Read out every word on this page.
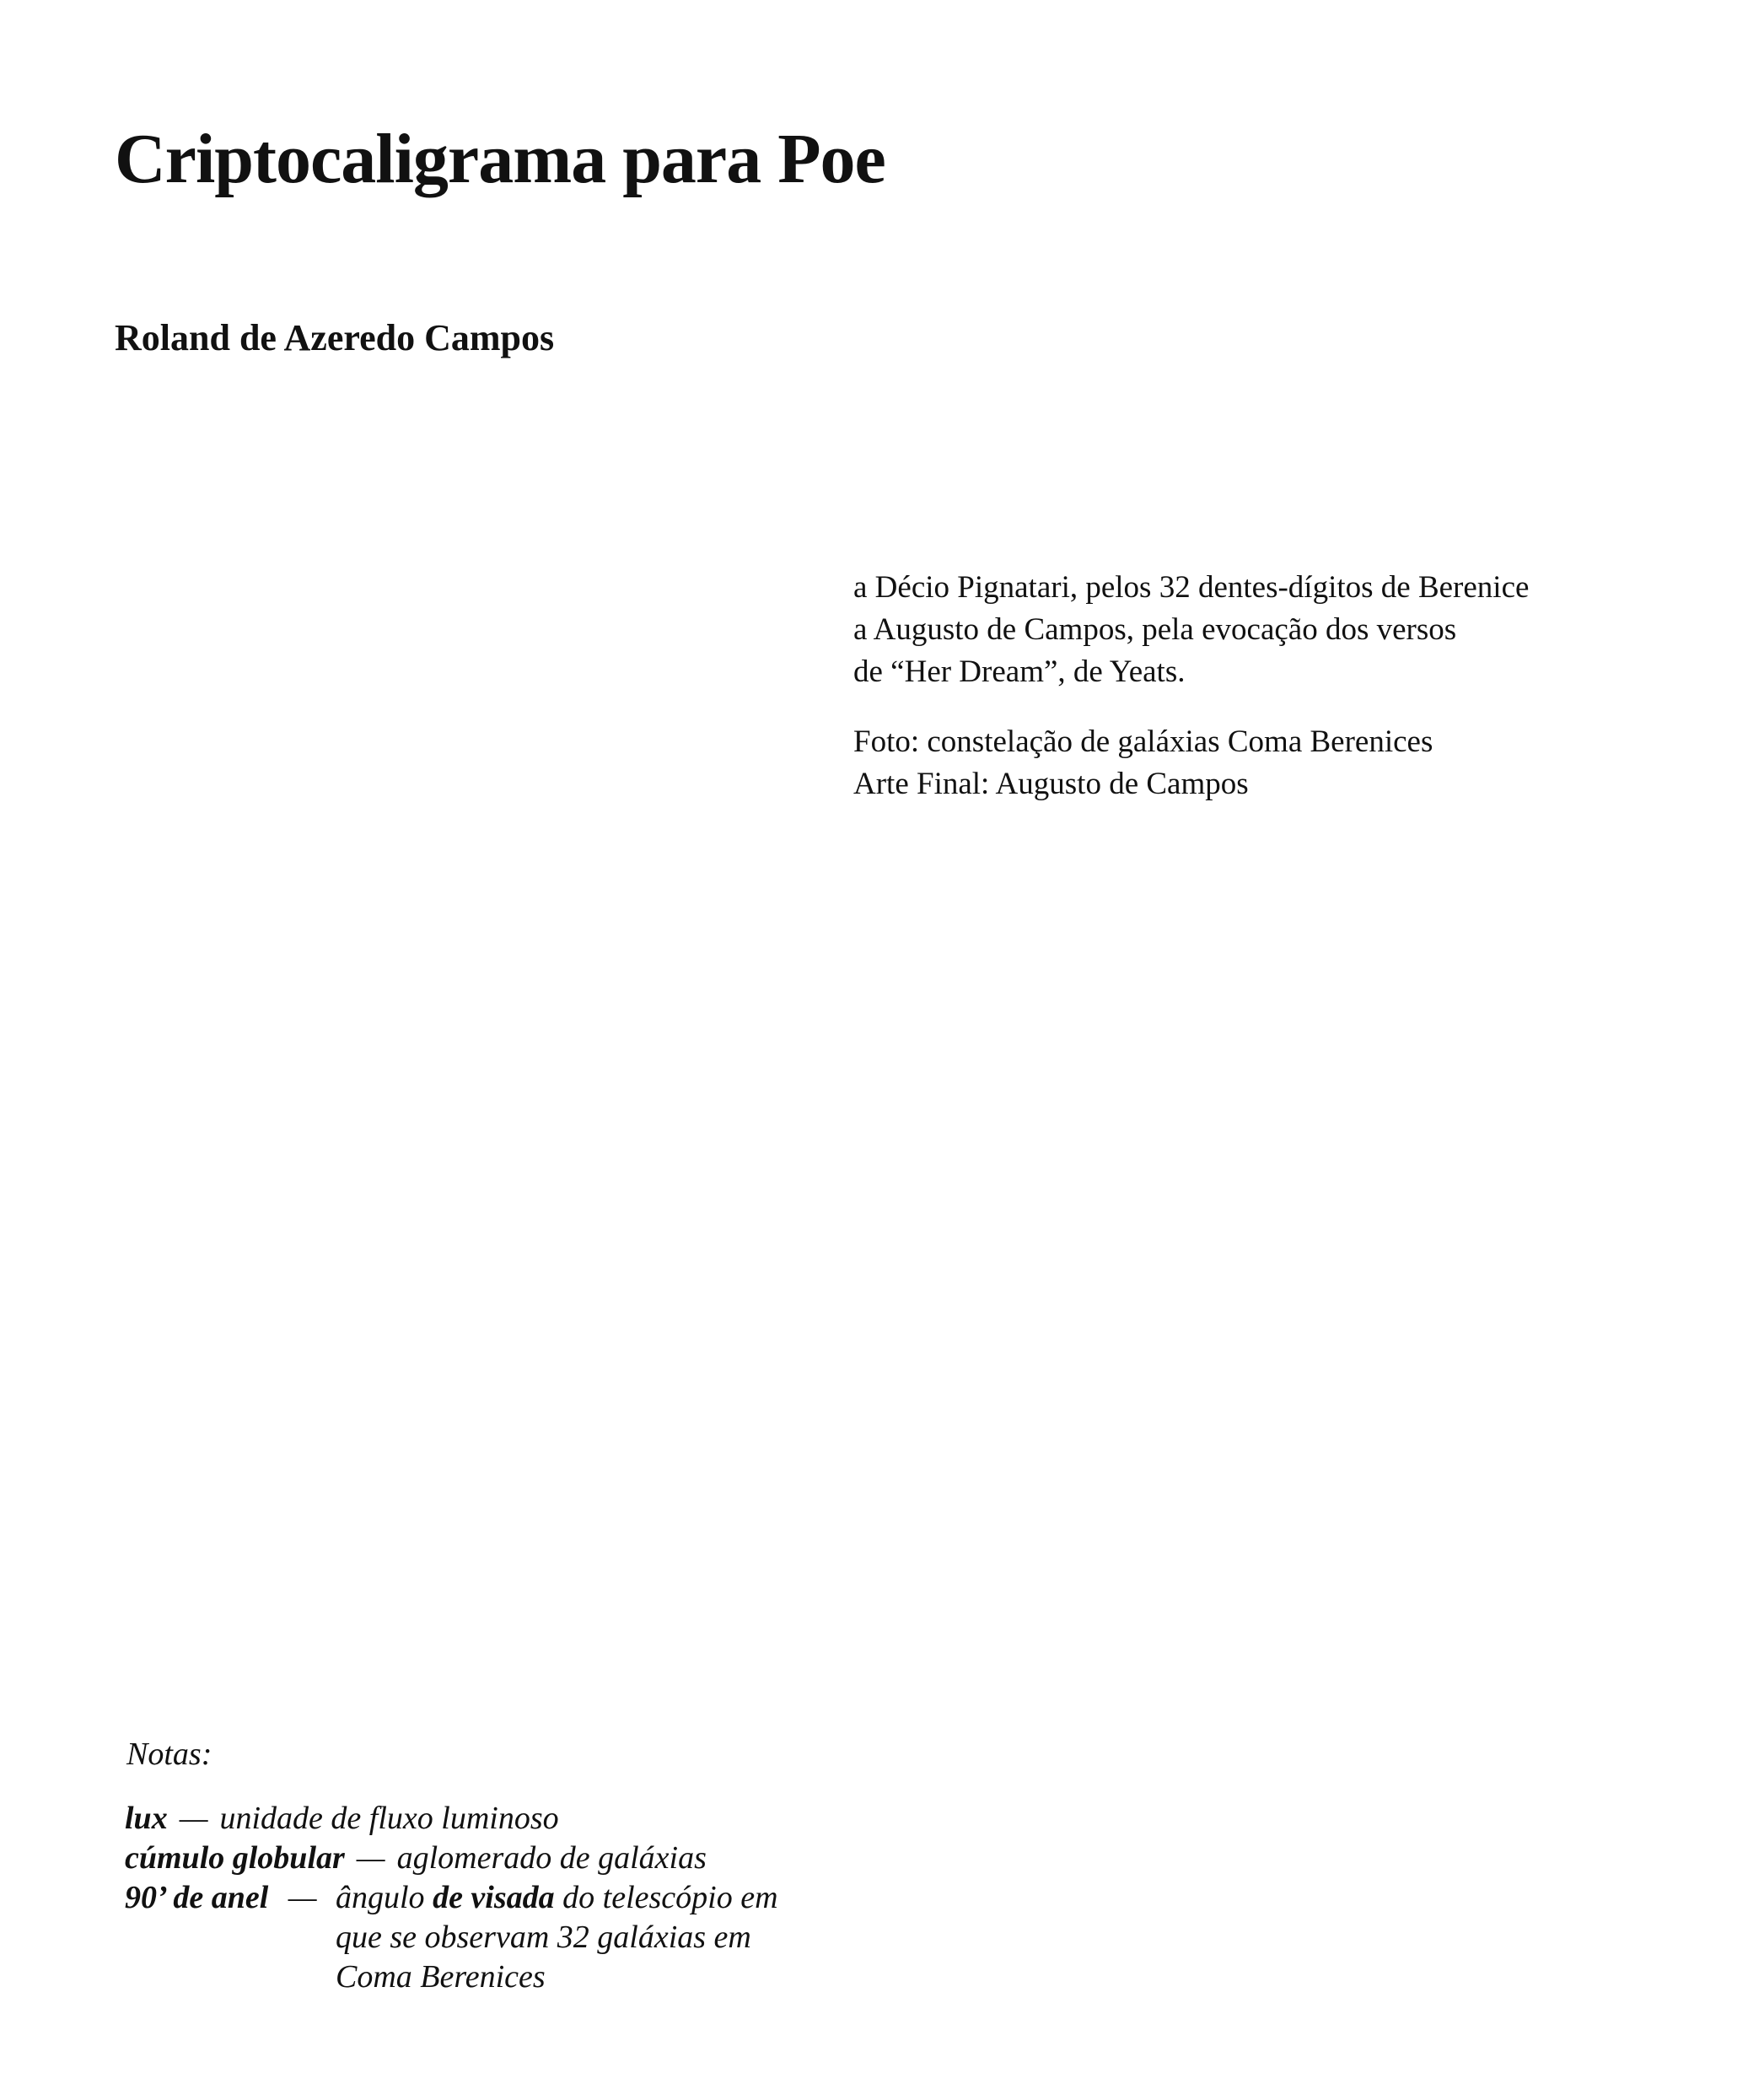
Criptocaligrama para Poe
Roland de Azeredo Campos
a Décio Pignatari, pelos 32 dentes-dígitos de Berenice
a Augusto de Campos, pela evocação dos versos
de “Her Dream”, de Yeats.
Foto: constelação de galáxias Coma Berenices
Arte Final: Augusto de Campos
Notas:
lux — unidade de fluxo luminoso
cúmulo globular — aglomerado de galáxias
90’ de anel — ângulo de visada do telescópio em
que se observam 32 galáxias em
Coma Berenices
